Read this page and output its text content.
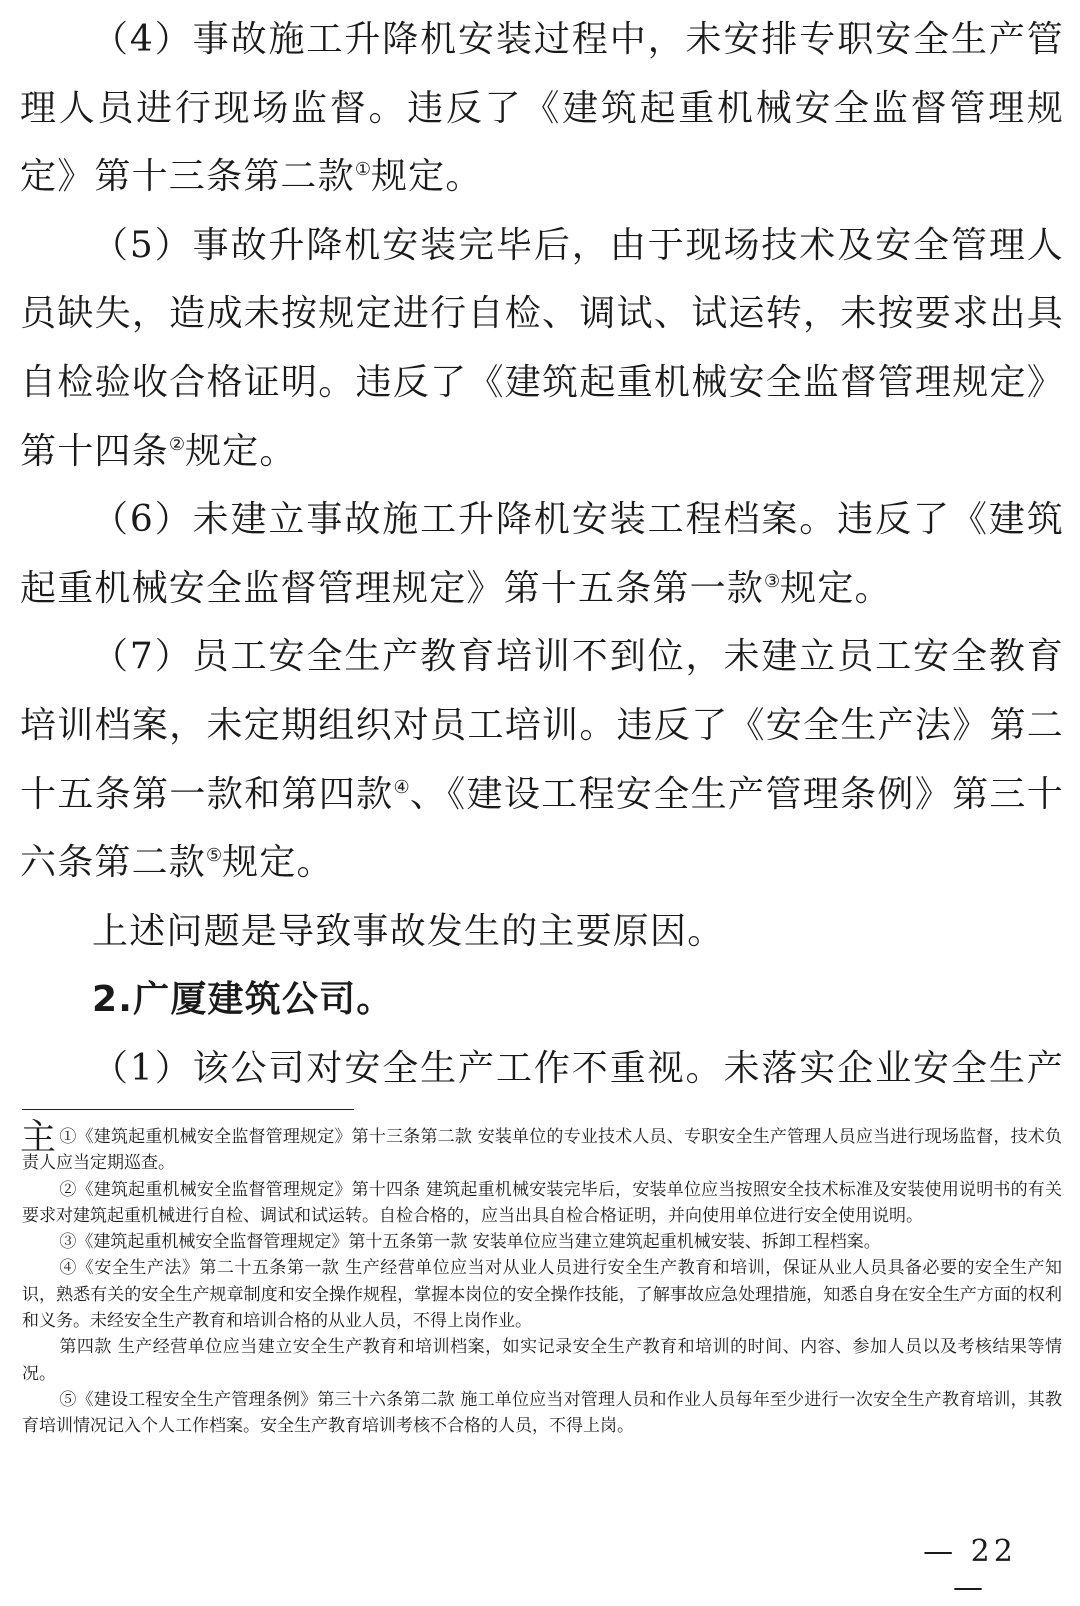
（4）事故施工升降机安装过程中，未安排专职安全生产管理人员进行现场监督。违反了《建筑起重机械安全监督管理规定》第十三条第二款①规定。

（5）事故升降机安装完毕后，由于现场技术及安全管理人员缺失，造成未按规定进行自检、调试、试运转，未按要求出具自检验收合格证明。违反了《建筑起重机械安全监督管理规定》第十四条②规定。

（6）未建立事故施工升降机安装工程档案。违反了《建筑起重机械安全监督管理规定》第十五条第一款③规定。

（7）员工安全生产教育培训不到位，未建立员工安全教育培训档案，未定期组织对员工培训。违反了《安全生产法》第二十五条第一款和第四款④、《建设工程安全生产管理条例》第三十六条第二款⑤规定。

上述问题是导致事故发生的主要原因。

2.广厦建筑公司。

（1）该公司对安全生产工作不重视。未落实企业安全生产主 ①《建筑起重机械安全监督管理规定》第十三条第二款 安装单位的专业技术人员、专职安全生产管理人员应当进行现场监督，技术负责人应当定期巡查。

②《建筑起重机械安全监督管理规定》第十四条 建筑起重机械安装完毕后，安装单位应当按照安全技术标准及安装使用说明书的有关要求对建筑起重机械进行自检、调试和试运转。自检合格的，应当出具自检合格证明，并向使用单位进行安全使用说明。

③《建筑起重机械安全监督管理规定》第十五条第一款 安装单位应当建立建筑起重机械安装、拆卸工程档案。

④《安全生产法》第二十五条第一款 生产经营单位应当对从业人员进行安全生产教育和培训，保证从业人员具备必要的安全生产知识，熟悉有关的安全生产规章制度和安全操作规程，掌握本岗位的安全操作技能，了解事故应急处理措施，知悉自身在安全生产方面的权利和义务。未经安全生产教育和培训合格的从业人员，不得上岗作业。

第四款 生产经营单位应当建立安全生产教育和培训档案，如实记录安全生产教育和培训的时间、内容、参加人员以及考核结果等情况。

⑤《建设工程安全生产管理条例》第三十六条第二款 施工单位应当对管理人员和作业人员每年至少进行一次安全生产教育培训，其教育培训情况记入个人工作档案。安全生产教育培训考核不合格的人员，不得上岗。

— 22 —
